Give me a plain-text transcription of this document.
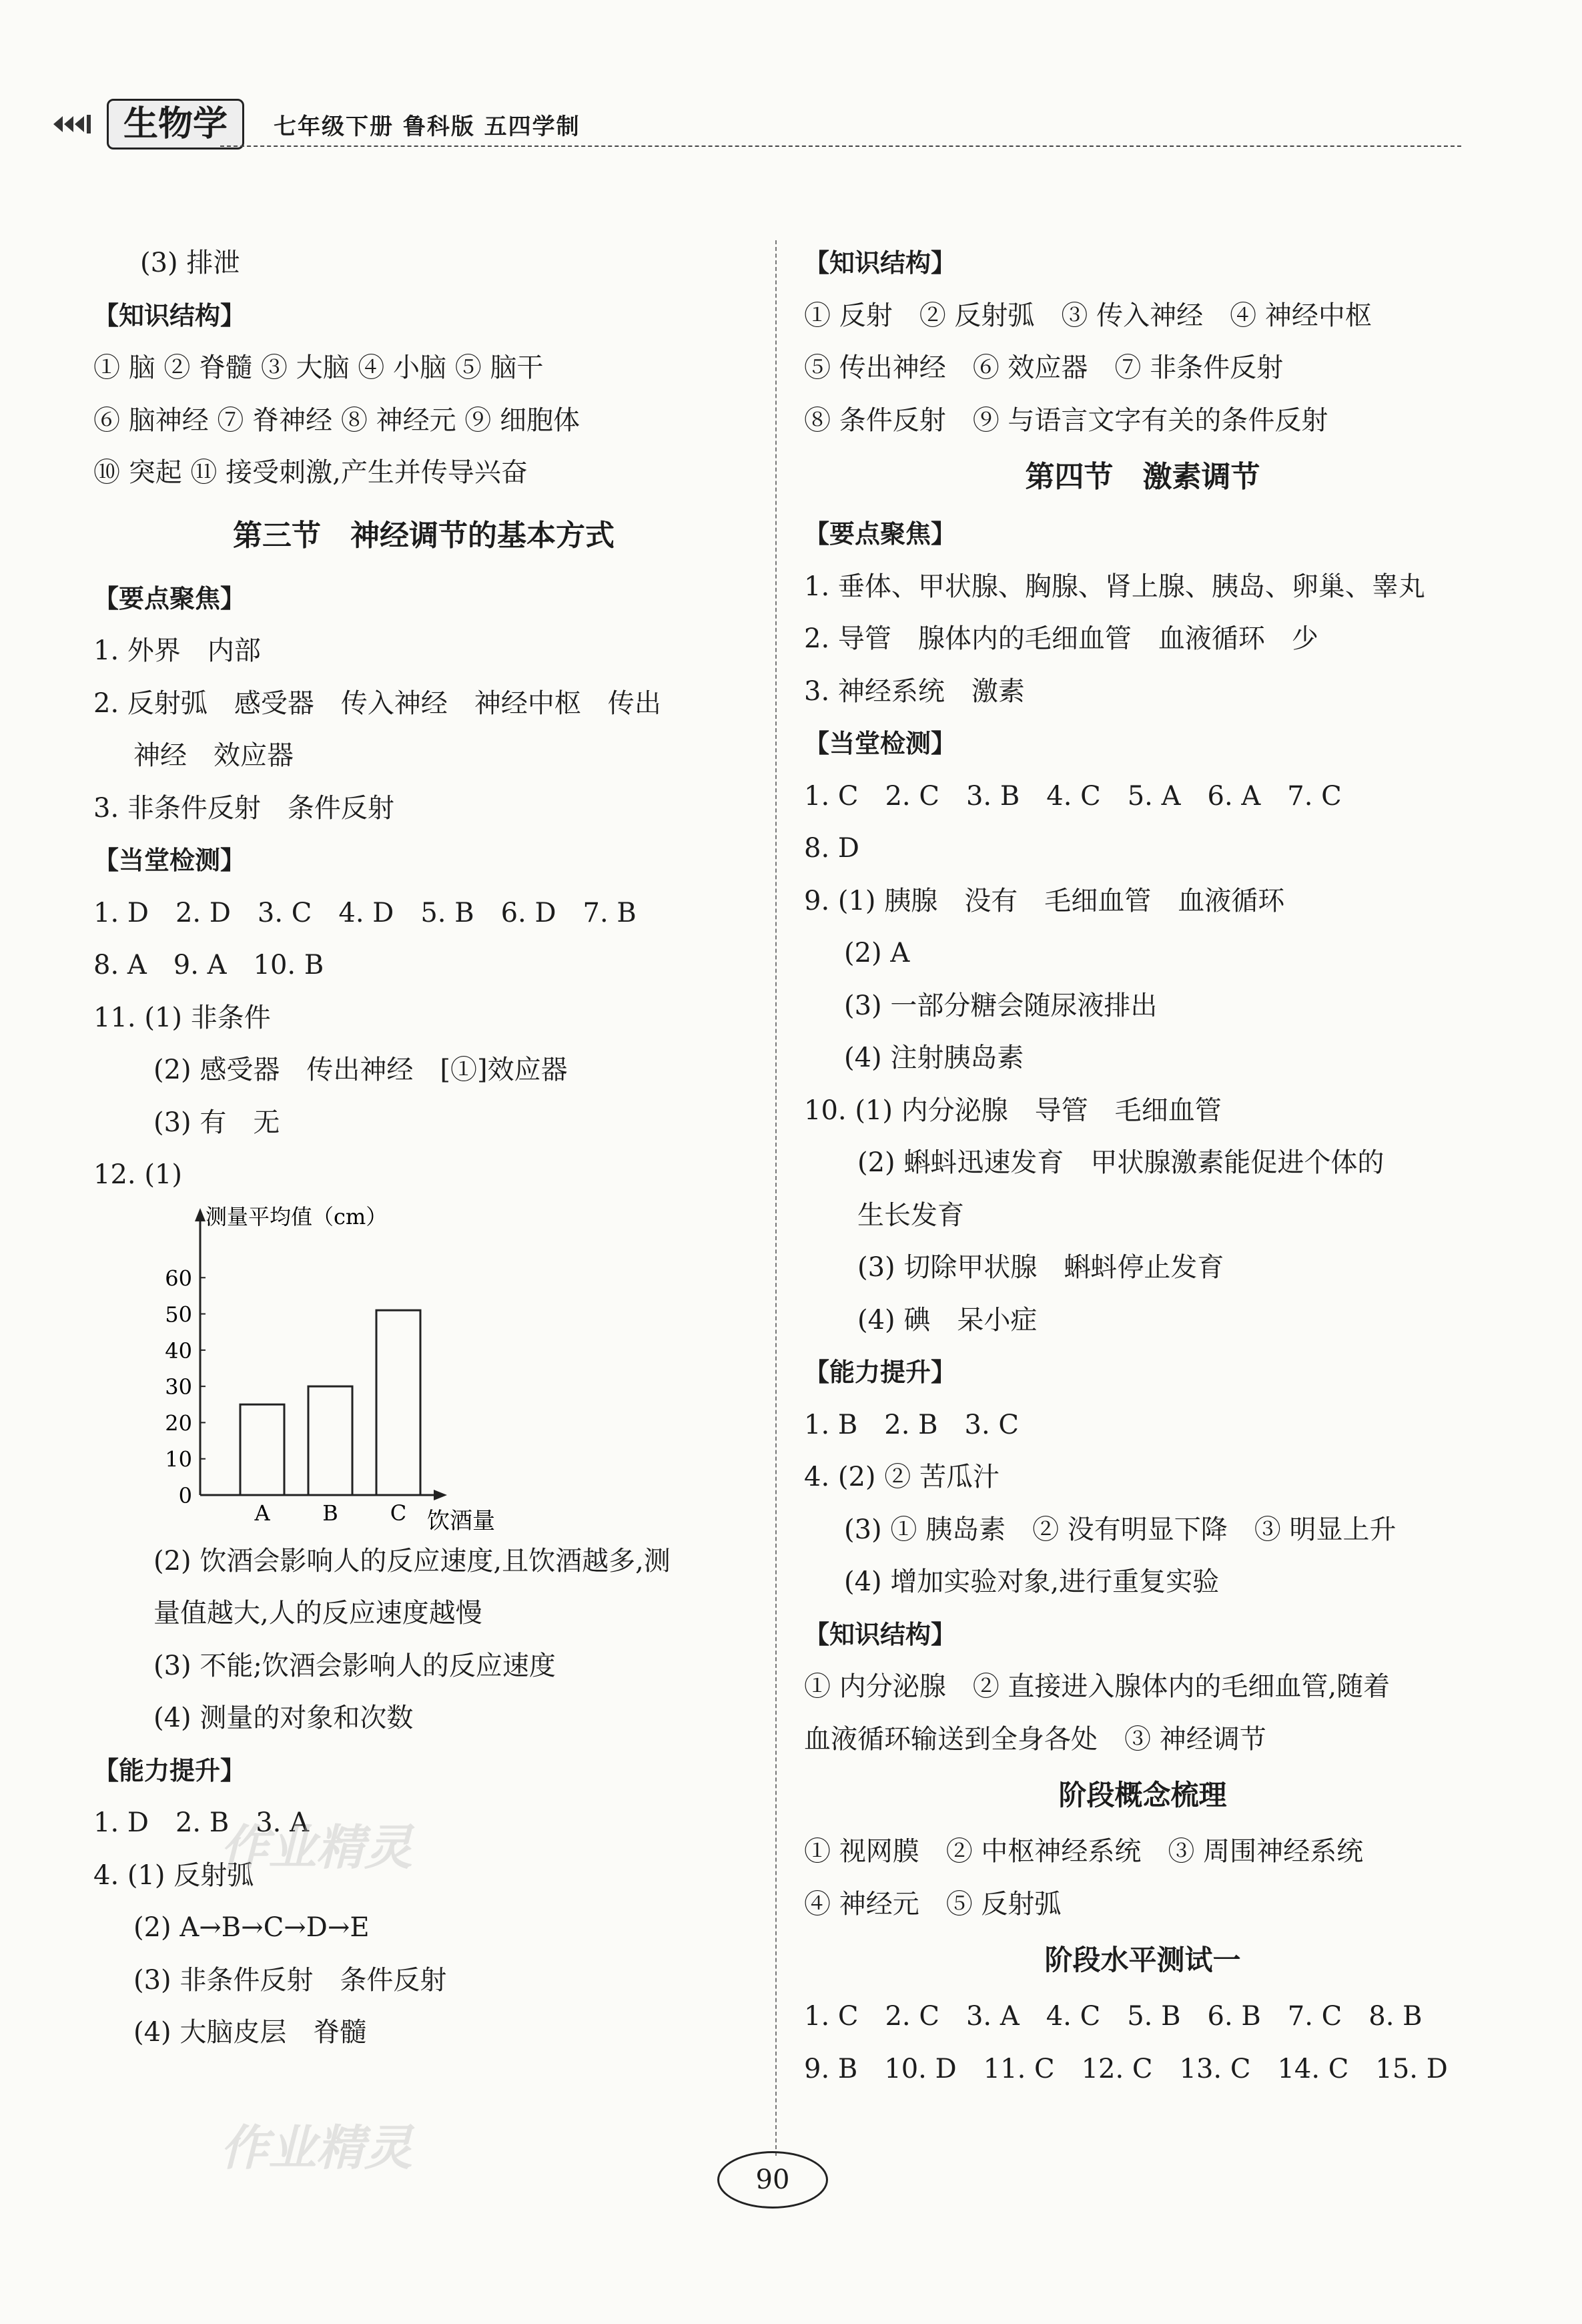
生物学	七年级下册 鲁科版 五四学制
(3) 排泄
【知识结构】
① 脑 ② 脊髓 ③ 大脑 ④ 小脑 ⑤ 脑干
⑥ 脑神经 ⑦ 脊神经 ⑧ 神经元 ⑨ 细胞体
⑩ 突起 ⑪ 接受刺激,产生并传导兴奋
第三节　神经调节的基本方式
【要点聚焦】
1. 外界　内部
2. 反射弧　感受器　传入神经　神经中枢　传出
神经　效应器
3. 非条件反射　条件反射
【当堂检测】
1. D　2. D　3. C　4. D　5. B　6. D　7. B
8. A　9. A　10. B
11. (1) 非条件
(2) 感受器　传出神经　[①]效应器
(3) 有　无
12. (1)
0
10
20
30
40
50
60
测量平均值（cm）
饮酒量
A B C
(2) 饮酒会影响人的反应速度,且饮酒越多,测
量值越大,人的反应速度越慢
(3) 不能;饮酒会影响人的反应速度
(4) 测量的对象和次数
【能力提升】
1. D　2. B　3. A
4. (1) 反射弧
(2) A→B→C→D→E
(3) 非条件反射　条件反射
(4) 大脑皮层　脊髓
【知识结构】
① 反射　② 反射弧　③ 传入神经　④ 神经中枢
⑤ 传出神经　⑥ 效应器　⑦ 非条件反射
⑧ 条件反射　⑨ 与语言文字有关的条件反射
第四节　激素调节
【要点聚焦】
1. 垂体、甲状腺、胸腺、肾上腺、胰岛、卵巢、睾丸
2. 导管　腺体内的毛细血管　血液循环　少
3. 神经系统　激素
【当堂检测】
1. C　2. C　3. B　4. C　5. A　6. A　7. C
8. D
9. (1) 胰腺　没有　毛细血管　血液循环
(2) A
(3) 一部分糖会随尿液排出
(4) 注射胰岛素
10. (1) 内分泌腺　导管　毛细血管
(2) 蝌蚪迅速发育　甲状腺激素能促进个体的
生长发育
(3) 切除甲状腺　蝌蚪停止发育
(4) 碘　呆小症
【能力提升】
1. B　2. B　3. C
4. (2) ② 苦瓜汁
(3) ① 胰岛素　② 没有明显下降　③ 明显上升
(4) 增加实验对象,进行重复实验
【知识结构】
① 内分泌腺　② 直接进入腺体内的毛细血管,随着
血液循环输送到全身各处　③ 神经调节
阶段概念梳理
① 视网膜　② 中枢神经系统　③ 周围神经系统
④ 神经元　⑤ 反射弧
阶段水平测试一
1. C　2. C　3. A　4. C　5. B　6. B　7. C　8. B
9. B　10. D　11. C　12. C　13. C　14. C　15. D
90
作业精灵
作业精灵
